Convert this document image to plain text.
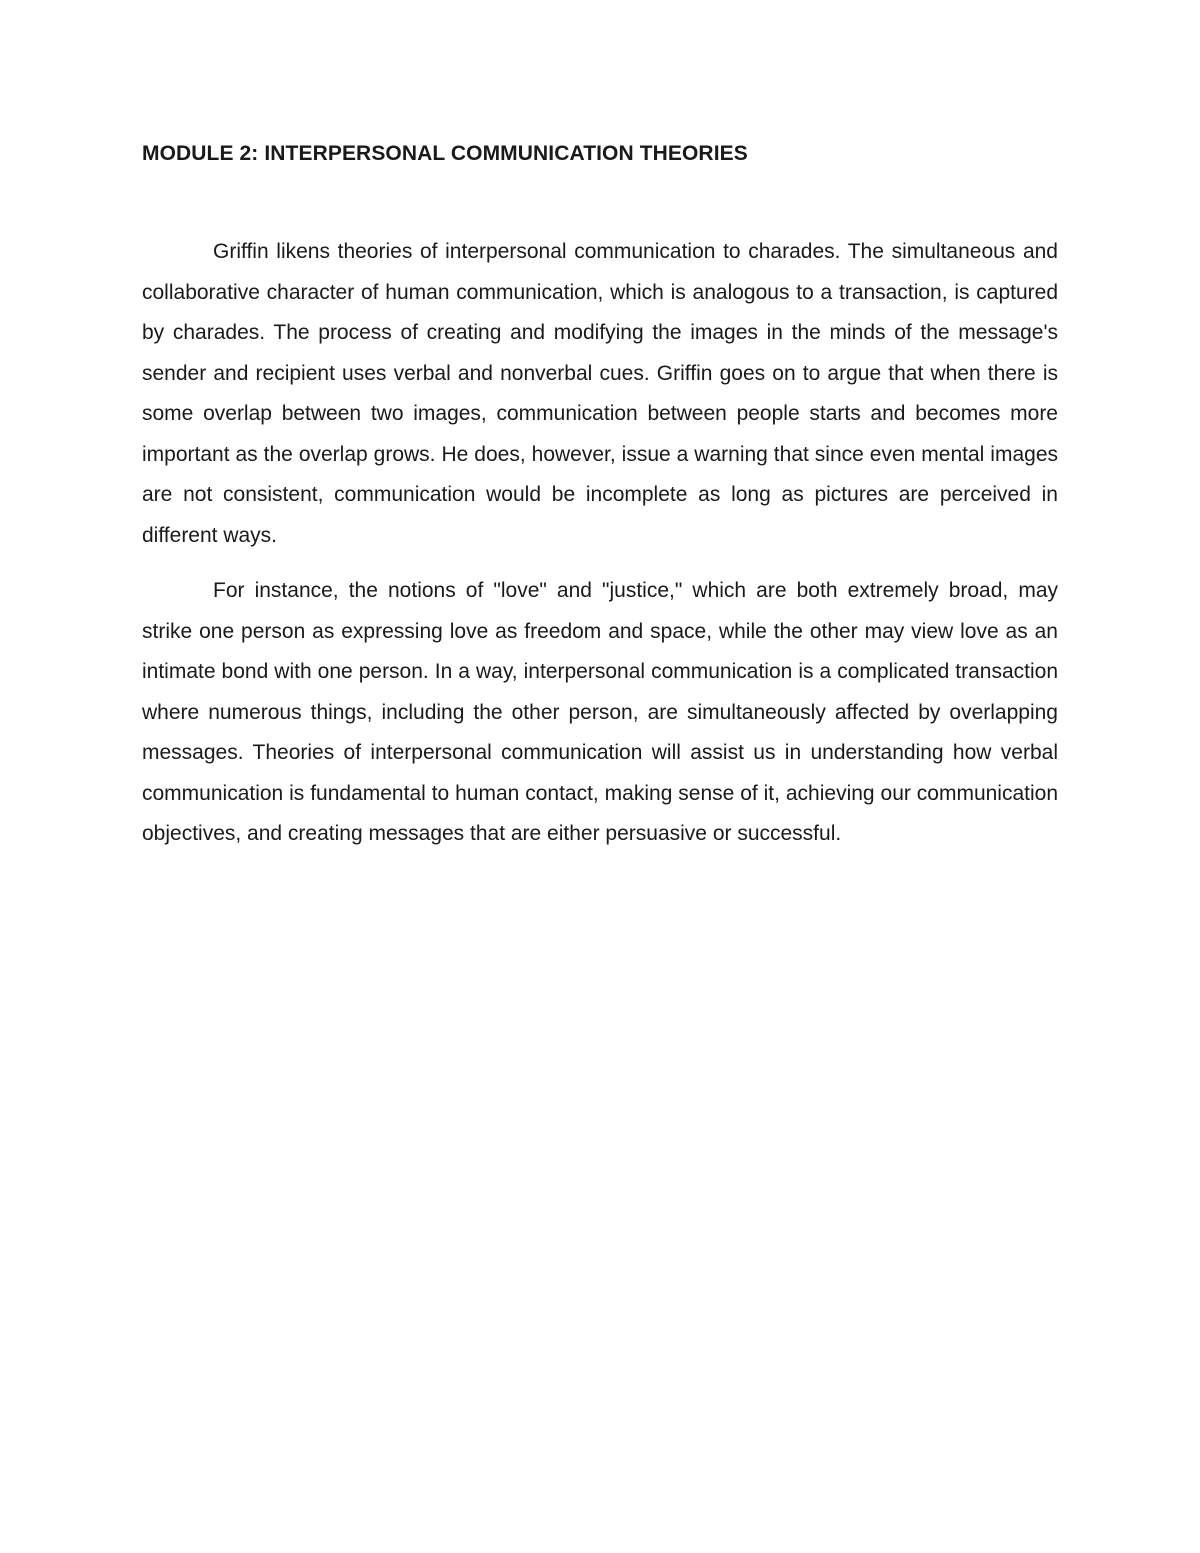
MODULE 2: INTERPERSONAL COMMUNICATION THEORIES

Griffin likens theories of interpersonal communication to charades. The simultaneous and collaborative character of human communication, which is analogous to a transaction, is captured by charades. The process of creating and modifying the images in the minds of the message's sender and recipient uses verbal and nonverbal cues. Griffin goes on to argue that when there is some overlap between two images, communication between people starts and becomes more important as the overlap grows. He does, however, issue a warning that since even mental images are not consistent, communication would be incomplete as long as pictures are perceived in different ways.

For instance, the notions of "love" and "justice," which are both extremely broad, may strike one person as expressing love as freedom and space, while the other may view love as an intimate bond with one person. In a way, interpersonal communication is a complicated transaction where numerous things, including the other person, are simultaneously affected by overlapping messages. Theories of interpersonal communication will assist us in understanding how verbal communication is fundamental to human contact, making sense of it, achieving our communication objectives, and creating messages that are either persuasive or successful.
